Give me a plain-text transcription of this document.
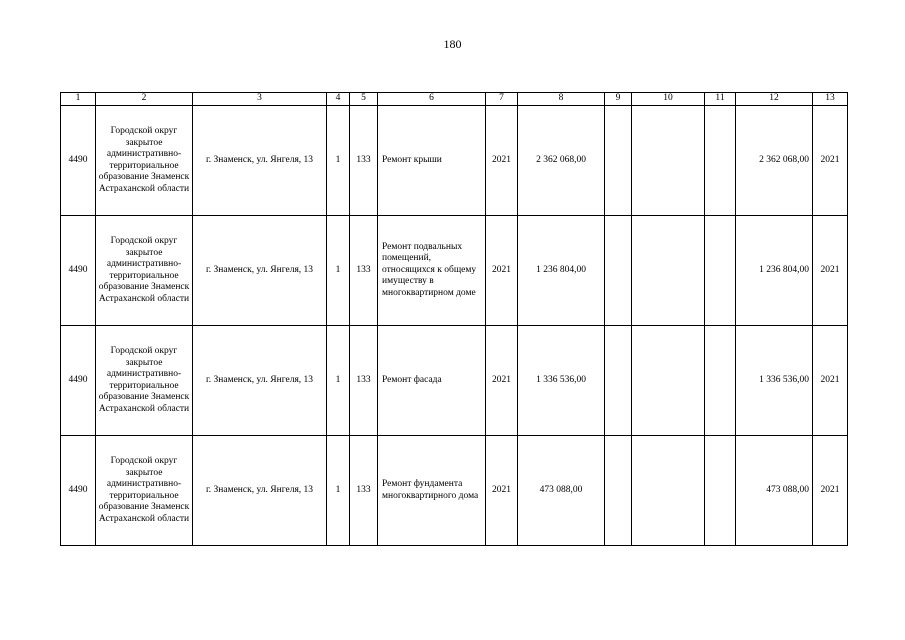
180
1	2	3	4	5	6	7	8	9	10	11	12	13
4490	Городской округ закрытое административно-территориальное образование Знаменск Астраханской области	г. Знаменск, ул. Янгеля, 13	1	133	Ремонт крыши	2021	2 362 068,00				2 362 068,00	2021
4490	Городской округ закрытое административно-территориальное образование Знаменск Астраханской области	г. Знаменск, ул. Янгеля, 13	1	133	Ремонт подвальных помещений, относящихся к общему имуществу в многоквартирном доме	2021	1 236 804,00				1 236 804,00	2021
4490	Городской округ закрытое административно-территориальное образование Знаменск Астраханской области	г. Знаменск, ул. Янгеля, 13	1	133	Ремонт фасада	2021	1 336 536,00				1 336 536,00	2021
4490	Городской округ закрытое административно-территориальное образование Знаменск Астраханской области	г. Знаменск, ул. Янгеля, 13	1	133	Ремонт фундамента многоквартирного дома	2021	473 088,00				473 088,00	2021
